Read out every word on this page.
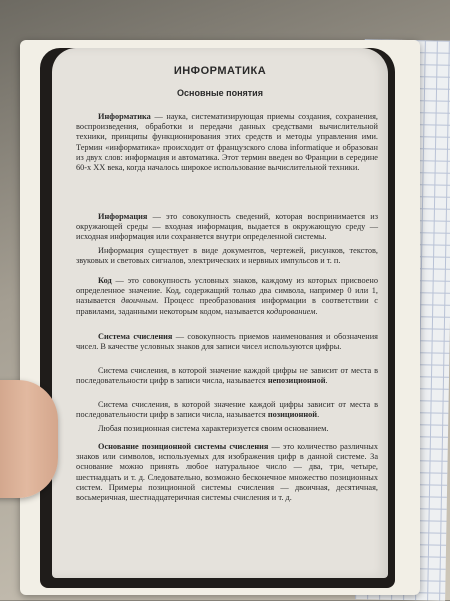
ИНФОРМАТИКА
Основные понятия

Информатика — наука, систематизирующая приемы создания, сохранения, воспроизведения, обработки и передачи данных средствами вычислительной техники, принципы функционирования этих средств и методы управления ими. Термин «информатика» происходит от французского слова informatique и образован из двух слов: информация и автоматика. Этот термин введен во Франции в середине 60-х XX века, когда началось широкое использование вычислительной техники.

Информация — это совокупность сведений, которая воспринимается из окружающей среды — входная информация, выдается в окружающую среду — исходная информация или сохраняется внутри определенной системы.

Информация существует в виде документов, чертежей, рисунков, текстов, звуковых и световых сигналов, электрических и нервных импульсов и т. п.

Код — это совокупность условных знаков, каждому из которых присвоено определенное значение. Код, содержащий только два символа, например 0 или 1, называется двоичным. Процесс преобразования информации в соответствии с правилами, заданными некоторым кодом, называется кодированием.

Система счисления — совокупность приемов наименования и обозначения чисел. В качестве условных знаков для записи чисел используются цифры.

Система счисления, в которой значение каждой цифры не зависит от места в последовательности цифр в записи числа, называется непозиционной.

Система счисления, в которой значение каждой цифры зависит от места в последовательности цифр в записи числа, называется позиционной.

Любая позиционная система характеризуется своим основанием.

Основание позиционной системы счисления — это количество различных знаков или символов, используемых для изображения цифр в данной системе. За основание можно принять любое натуральное число — два, три, четыре, шестнадцать и т. д. Следовательно, возможно бесконечное множество позиционных систем. Примеры позиционной системы счисления — двоичная, десятичная, восьмеричная, шестнадцатеричная системы счисления и т. д.
